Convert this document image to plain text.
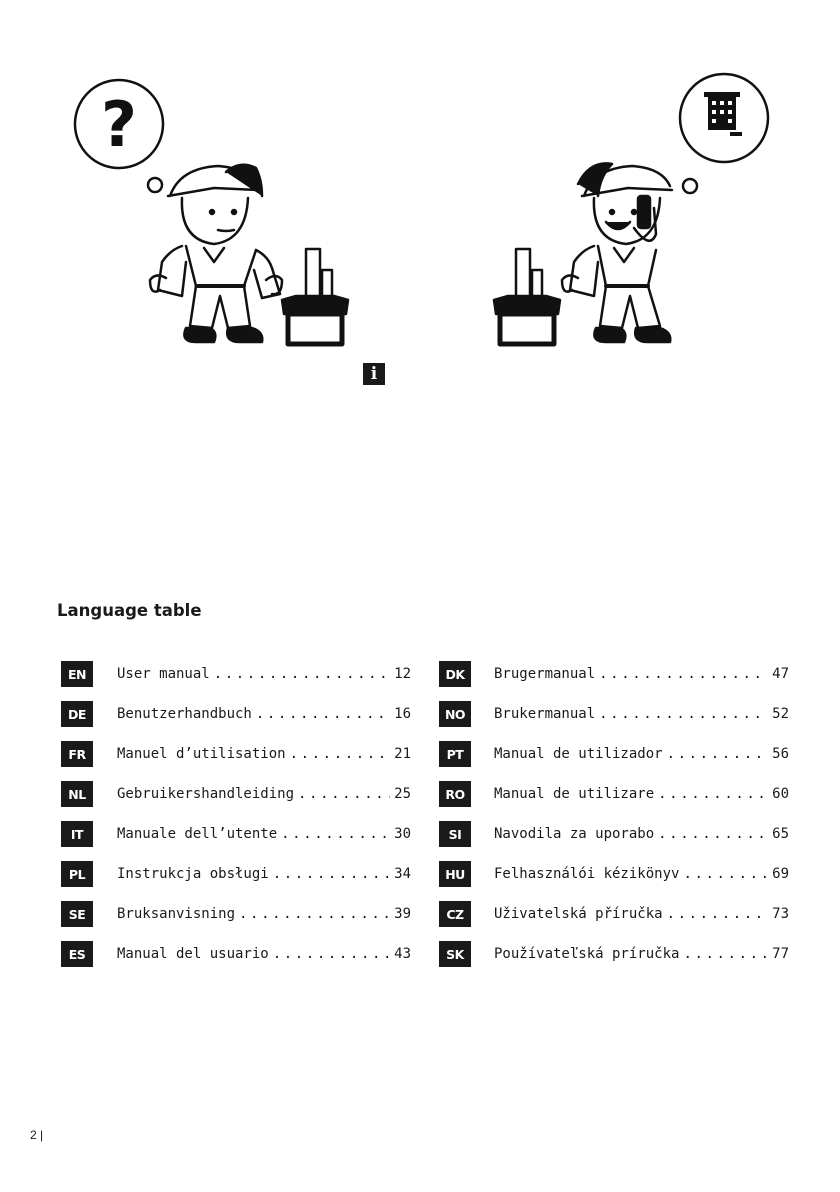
?
i
Language table
EN	User manual .....	12
DE	Benutzerhandbuch .....	16
FR	Manuel d’utilisation .....	21
NL	Gebruikershandleiding .....	25
IT	Manuale dell’utente .....	30
PL	Instrukcja obsługi .....	34
SE	Bruksanvisning .....	39
ES	Manual del usuario .....	43
DK	Brugermanual .....	47
NO	Brukermanual .....	52
PT	Manual de utilizador .....	56
RO	Manual de utilizare .....	60
SI	Navodila za uporabo .....	65
HU	Felhasználói kézikönyv .....	69
CZ	Uživatelská příručka .....	73
SK	Používateľská príručka .....	77
2 |
